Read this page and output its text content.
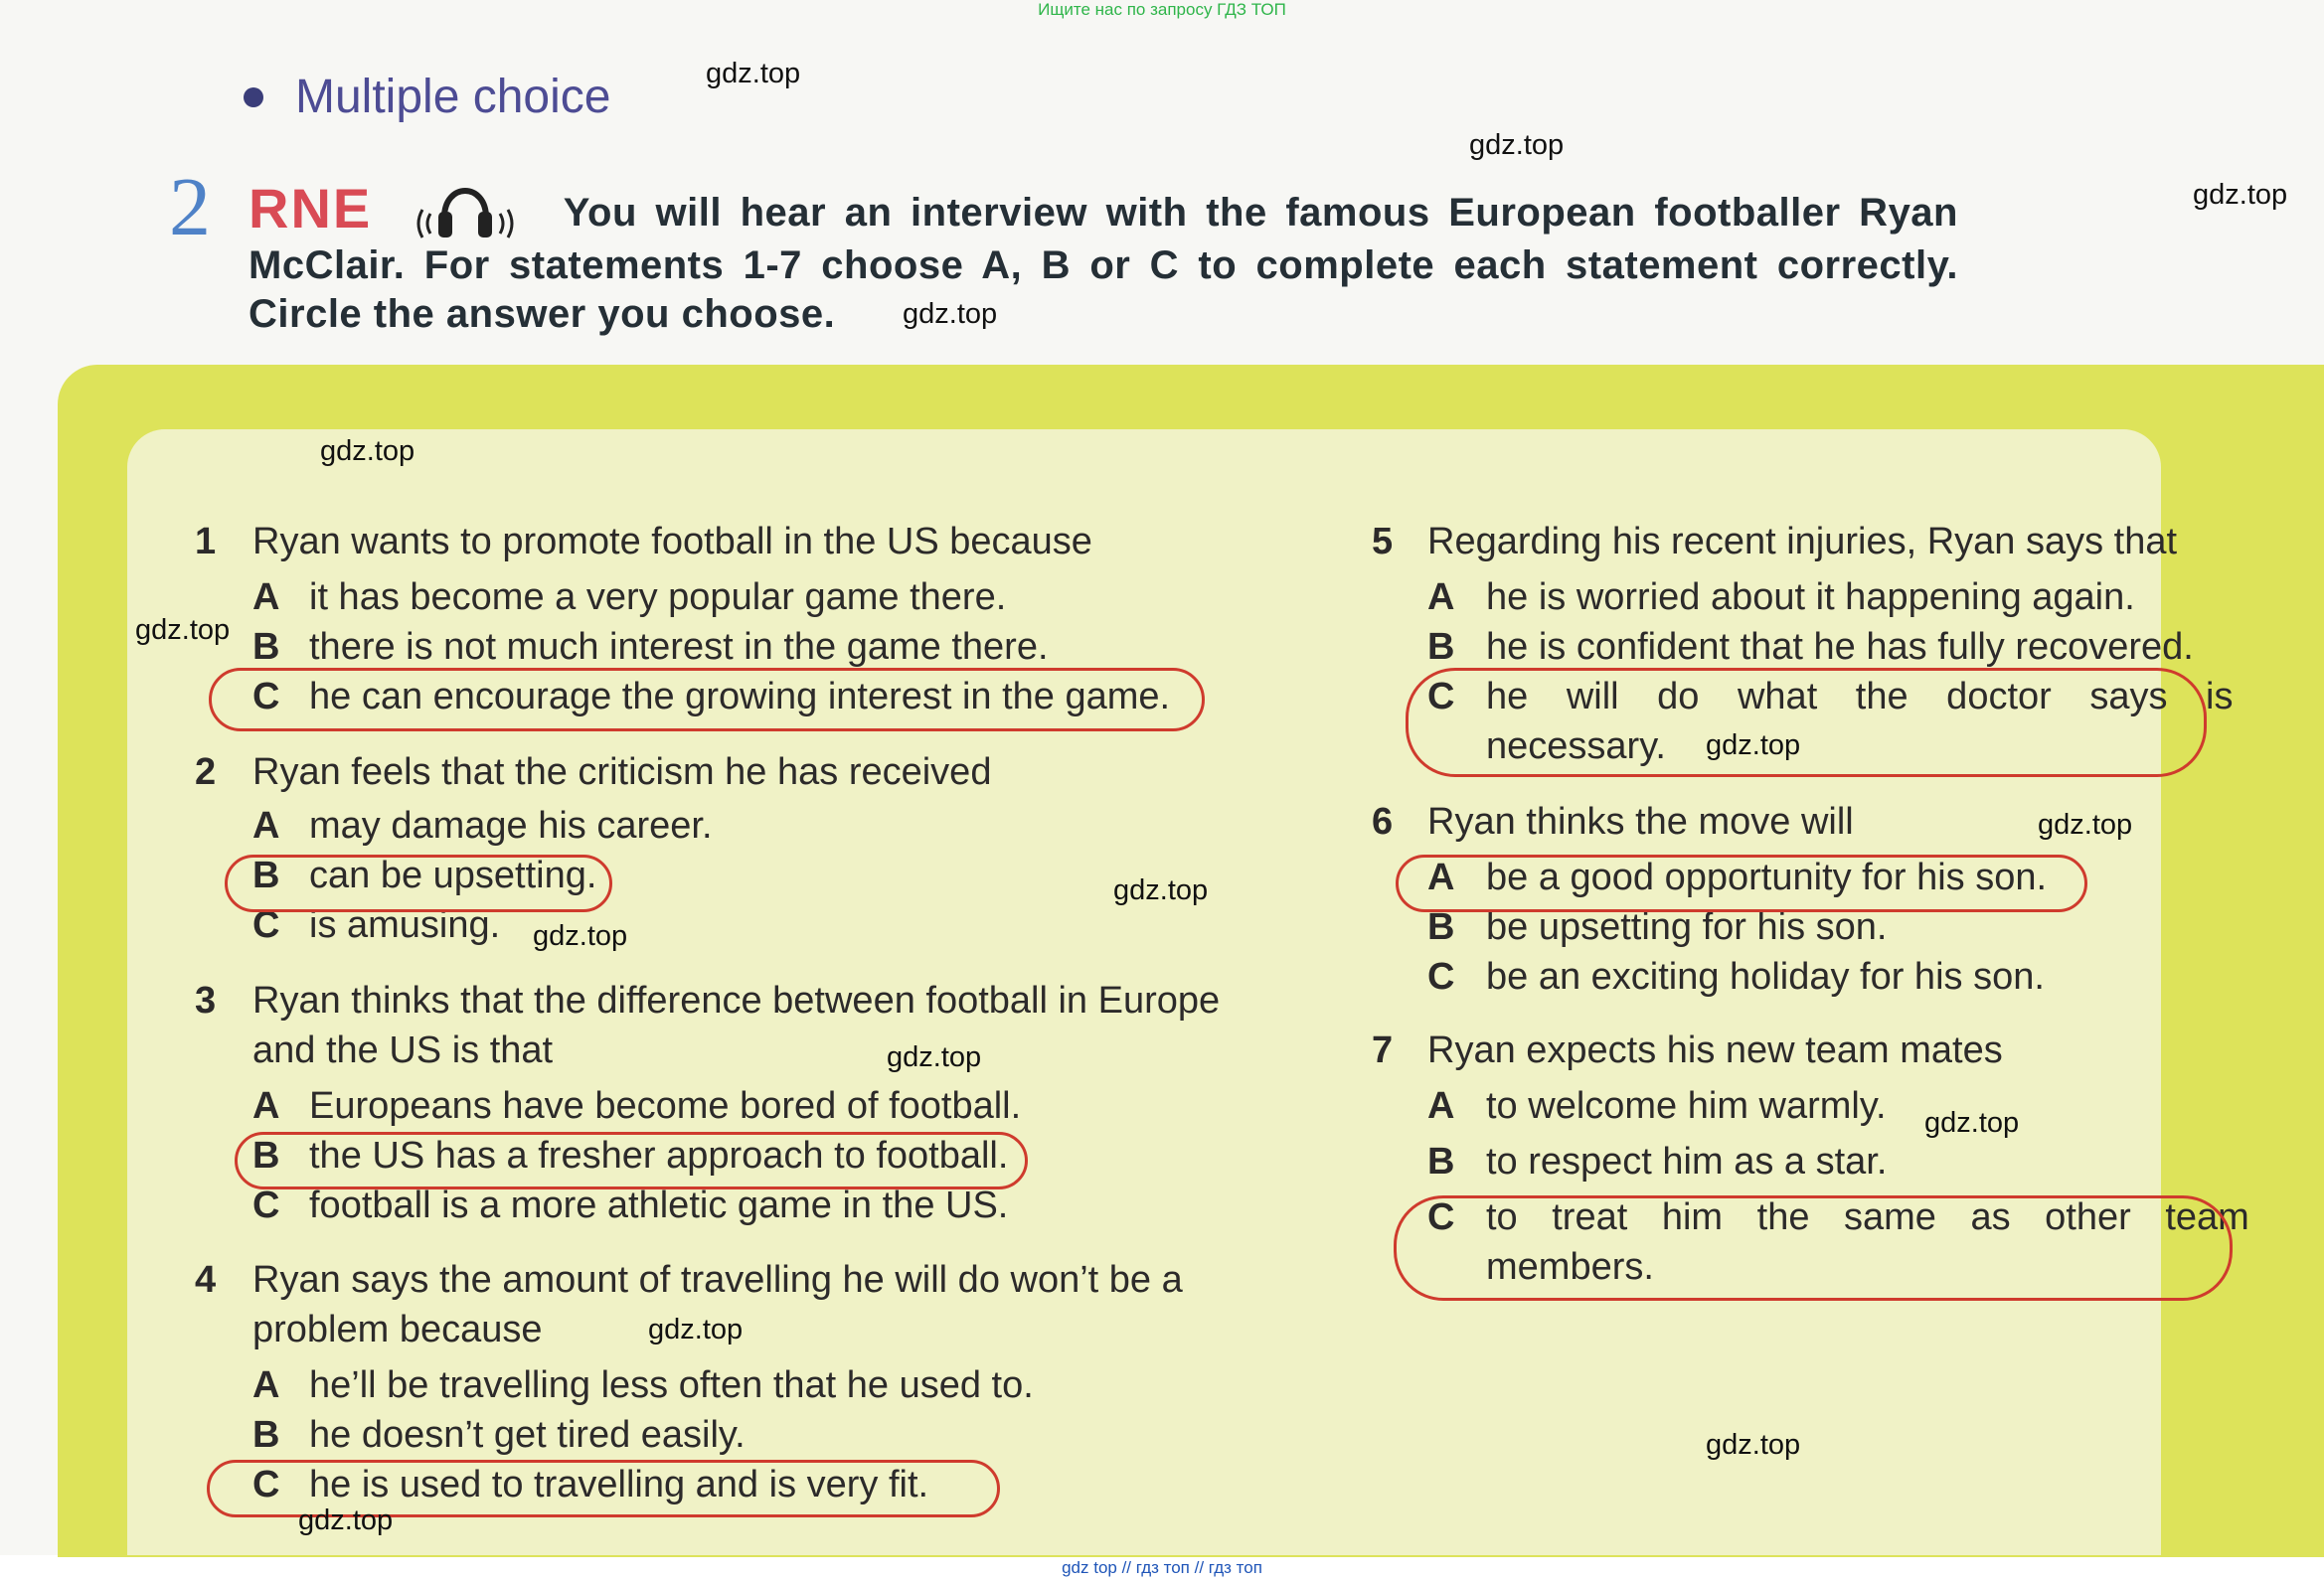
Ищите нас по запросу ГДЗ ТОП
Multiple choice
2 RNE	You will hear an interview with the famous European footballer Ryan McClair. For statements 1-7 choose A, B or C to complete each statement correctly. Circle the answer you choose.
1 Ryan wants to promote football in the US because
A it has become a very popular game there.
B there is not much interest in the game there.
C he can encourage the growing interest in the game.
2 Ryan feels that the criticism he has received
A may damage his career.
B can be upsetting.
C is amusing.
3 Ryan thinks that the difference between football in Europe
and the US is that
A Europeans have become bored of football.
B the US has a fresher approach to football.
C football is a more athletic game in the US.
4 Ryan says the amount of travelling he will do won’t be a
problem because
A he’ll be travelling less often that he used to.
B he doesn’t get tired easily.
C he is used to travelling and is very fit.
5 Regarding his recent injuries, Ryan says that
A he is worried about it happening again.
B he is confident that he has fully recovered.
C he will do what the doctor says is
necessary.
6 Ryan thinks the move will
A be a good opportunity for his son.
B be upsetting for his son.
C be an exciting holiday for his son.
7 Ryan expects his new team mates
A to welcome him warmly.
B to respect him as a star.
C to treat him the same as other team
members.
gdz.top
gdz.top
gdz.top
gdz.top
gdz.top
gdz.top
gdz.top
gdz.top
gdz.top
gdz.top
gdz.top
gdz.top
gdz.top
gdz.top
gdz.top
gdz top // гдз топ // гдз топ
